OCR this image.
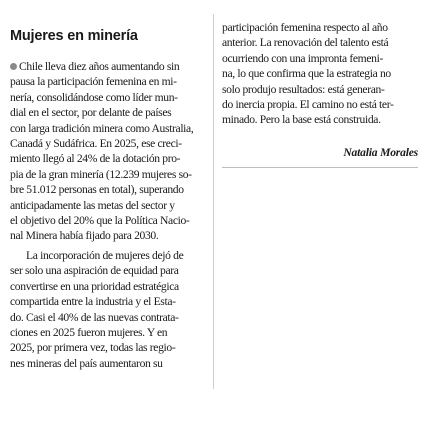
Mujeres en minería
Chile lleva diez años aumentando sin
pausa la participación femenina en mi-
nería, consolidándose como líder mun-
dial en el sector, por delante de países
con larga tradición minera como Australia,
Canadá y Sudáfrica. En 2025, ese creci-
miento llegó al 24% de la dotación pro-
pia de la gran minería (12.239 mujeres so-
bre 51.012 personas en total), superando
anticipadamente las metas del sector y
el objetivo del 20% que la Política Nacio-
nal Minera había fijado para 2030.
La incorporación de mujeres dejó de
ser solo una aspiración de equidad para
convertirse en una prioridad estratégica
compartida entre la industria y el Esta-
do. Casi el 40% de las nuevas contrata-
ciones en 2025 fueron mujeres. Y en
2025, por primera vez, todas las regio-
nes mineras del país aumentaron su
participación femenina respecto al año
anterior. La renovación del talento está
ocurriendo con una impronta femeni-
na, lo que confirma que la estrategia no
solo produjo resultados: está generan-
do inercia propia. El camino no está ter-
minado. Pero la base está construida.
Natalia Morales
